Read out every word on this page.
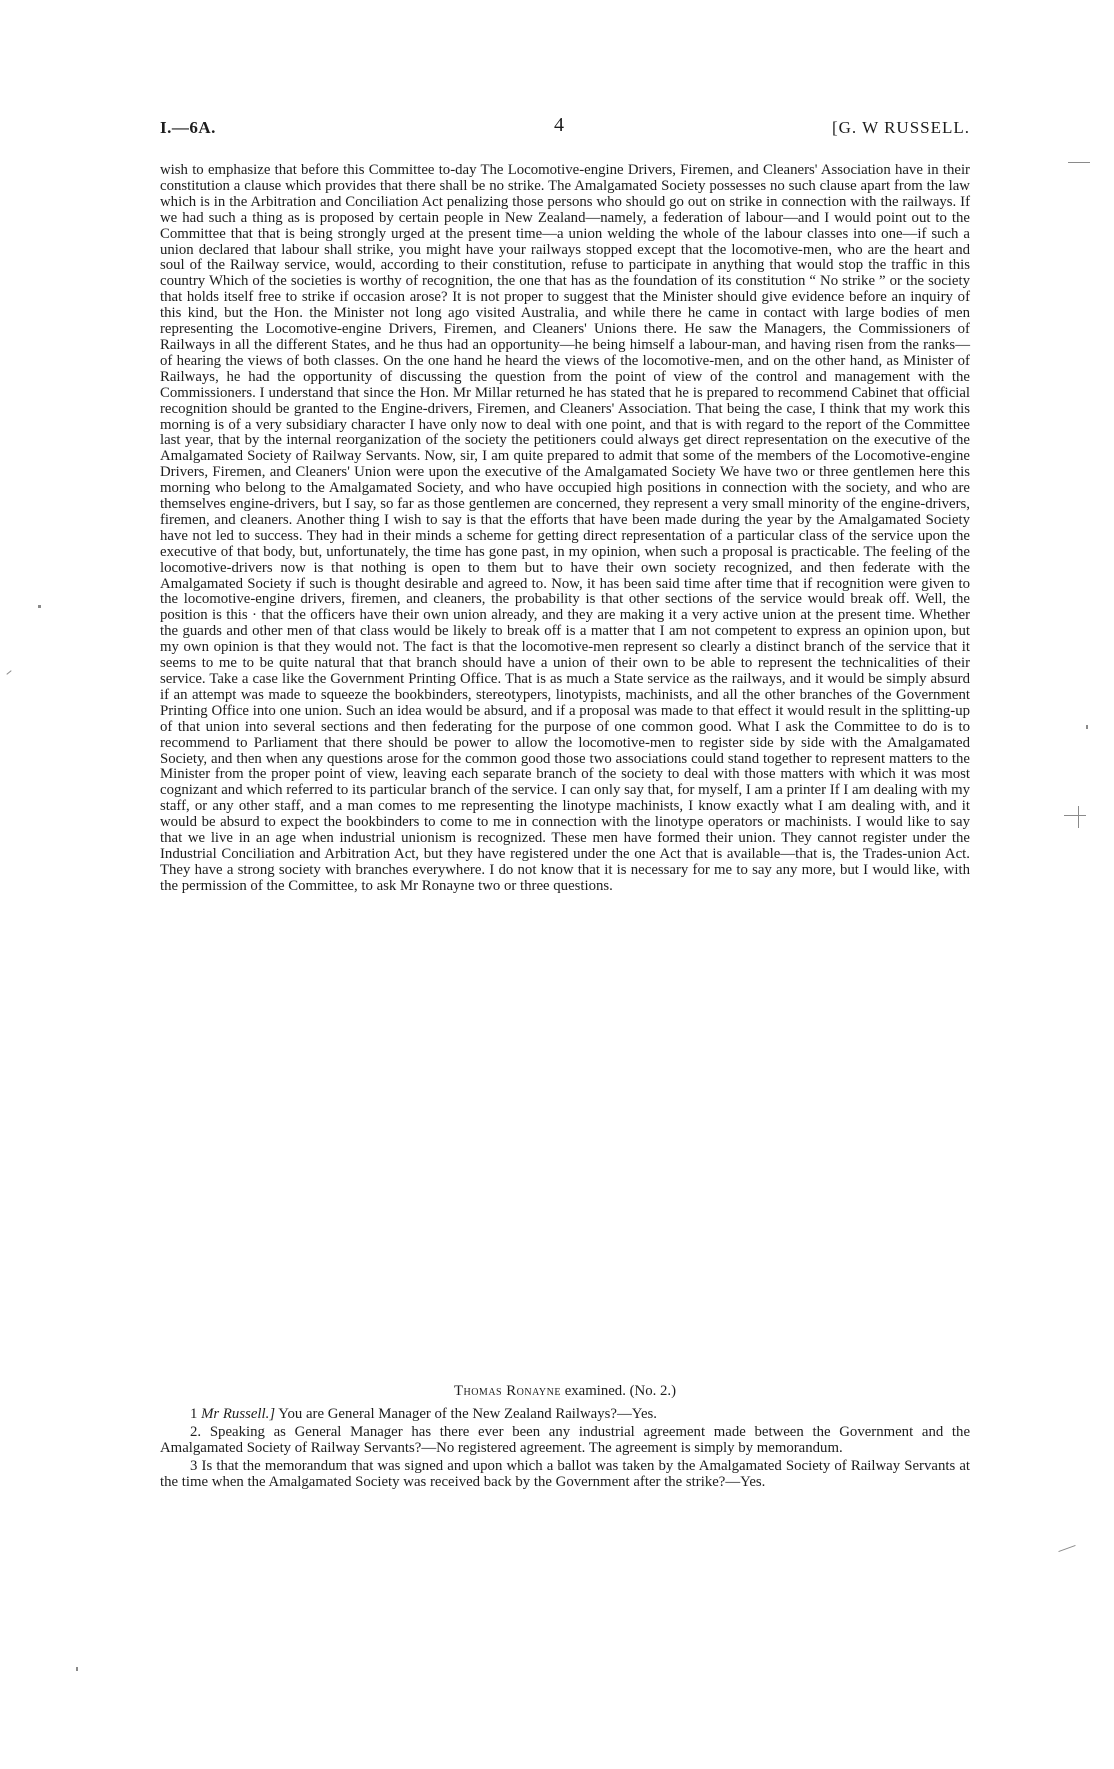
I.—6A.	4	[G. W RUSSELL.

wish to emphasize that before this Committee to-day The Locomotive-engine Drivers, Firemen, and Cleaners' Association have in their constitution a clause which provides that there shall be no strike. The Amalgamated Society possesses no such clause apart from the law which is in the Arbitration and Conciliation Act penalizing those persons who should go out on strike in connection with the railways. If we had such a thing as is proposed by certain people in New Zealand—namely, a federation of labour—and I would point out to the Committee that that is being strongly urged at the present time—a union welding the whole of the labour classes into one—if such a union declared that labour shall strike, you might have your railways stopped except that the locomotive-men, who are the heart and soul of the Railway service, would, according to their constitution, refuse to participate in anything that would stop the traffic in this country Which of the societies is worthy of recognition, the one that has as the foundation of its constitution “ No strike ” or the society that holds itself free to strike if occasion arose? It is not proper to suggest that the Minister should give evidence before an inquiry of this kind, but the Hon. the Minister not long ago visited Australia, and while there he came in contact with large bodies of men representing the Locomotive-engine Drivers, Firemen, and Cleaners' Unions there. He saw the Managers, the Commissioners of Railways in all the different States, and he thus had an opportunity—he being himself a labour-man, and having risen from the ranks—of hearing the views of both classes. On the one hand he heard the views of the locomotive-men, and on the other hand, as Minister of Railways, he had the opportunity of discussing the question from the point of view of the control and management with the Commissioners. I understand that since the Hon. Mr Millar returned he has stated that he is prepared to recommend Cabinet that official recognition should be granted to the Engine-drivers, Firemen, and Cleaners' Association. That being the case, I think that my work this morning is of a very subsidiary character I have only now to deal with one point, and that is with regard to the report of the Committee last year, that by the internal reorganization of the society the petitioners could always get direct representation on the executive of the Amalgamated Society of Railway Servants. Now, sir, I am quite prepared to admit that some of the members of the Locomotive-engine Drivers, Firemen, and Cleaners' Union were upon the executive of the Amalgamated Society We have two or three gentlemen here this morning who belong to the Amalgamated Society, and who have occupied high positions in connection with the society, and who are themselves engine-drivers, but I say, so far as those gentlemen are concerned, they represent a very small minority of the engine-drivers, firemen, and cleaners. Another thing I wish to say is that the efforts that have been made during the year by the Amalgamated Society have not led to success. They had in their minds a scheme for getting direct representation of a particular class of the service upon the executive of that body, but, unfortunately, the time has gone past, in my opinion, when such a proposal is practicable. The feeling of the locomotive-drivers now is that nothing is open to them but to have their own society recognized, and then federate with the Amalgamated Society if such is thought desirable and agreed to. Now, it has been said time after time that if recognition were given to the locomotive-engine drivers, firemen, and cleaners, the probability is that other sections of the service would break off. Well, the position is this · that the officers have their own union already, and they are making it a very active union at the present time. Whether the guards and other men of that class would be likely to break off is a matter that I am not competent to express an opinion upon, but my own opinion is that they would not. The fact is that the locomotive-men represent so clearly a distinct branch of the service that it seems to me to be quite natural that that branch should have a union of their own to be able to represent the technicalities of their service. Take a case like the Government Printing Office. That is as much a State service as the railways, and it would be simply absurd if an attempt was made to squeeze the bookbinders, stereotypers, linotypists, machinists, and all the other branches of the Government Printing Office into one union. Such an idea would be absurd, and if a proposal was made to that effect it would result in the splitting-up of that union into several sections and then federating for the purpose of one common good. What I ask the Committee to do is to recommend to Parliament that there should be power to allow the locomotive-men to register side by side with the Amalgamated Society, and then when any questions arose for the common good those two associations could stand together to represent matters to the Minister from the proper point of view, leaving each separate branch of the society to deal with those matters with which it was most cognizant and which referred to its particular branch of the service. I can only say that, for myself, I am a printer If I am dealing with my staff, or any other staff, and a man comes to me representing the linotype machinists, I know exactly what I am dealing with, and it would be absurd to expect the bookbinders to come to me in connection with the linotype operators or machinists. I would like to say that we live in an age when industrial unionism is recognized. These men have formed their union. They cannot register under the Industrial Conciliation and Arbitration Act, but they have registered under the one Act that is available—that is, the Trades-union Act. They have a strong society with branches everywhere. I do not know that it is necessary for me to say any more, but I would like, with the permission of the Committee, to ask Mr Ronayne two or three questions.

Thomas Ronayne examined. (No. 2.)

1 Mr Russell.] You are General Manager of the New Zealand Railways?—Yes.

2. Speaking as General Manager has there ever been any industrial agreement made between the Government and the Amalgamated Society of Railway Servants?—No registered agreement. The agreement is simply by memorandum.

3 Is that the memorandum that was signed and upon which a ballot was taken by the Amalgamated Society of Railway Servants at the time when the Amalgamated Society was received back by the Government after the strike?—Yes.
